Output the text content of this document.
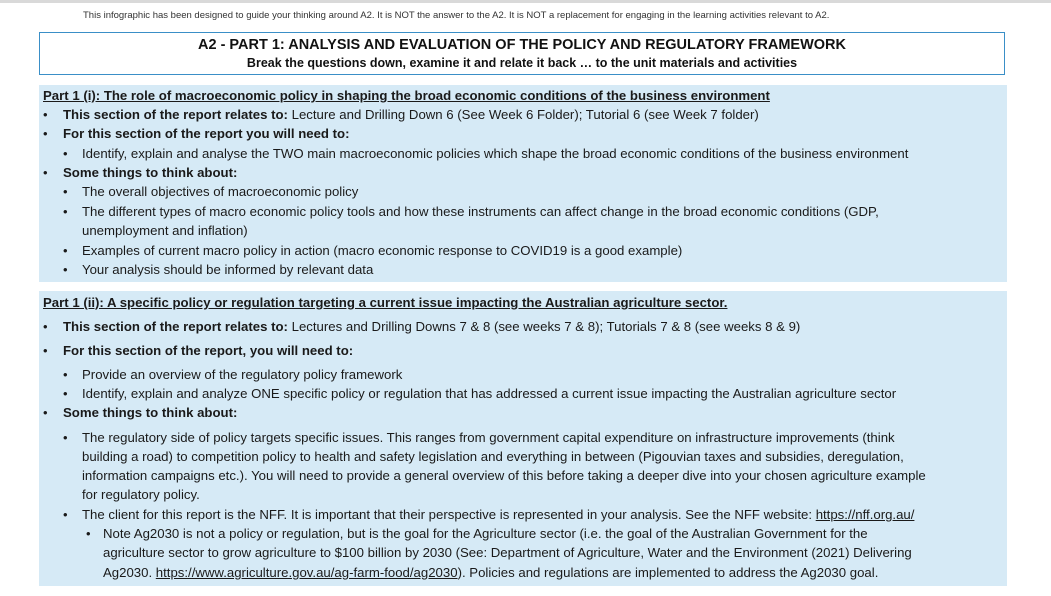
This infographic has been designed to guide your thinking around A2. It is NOT the answer to the A2. It is NOT a replacement for engaging in the learning activities relevant to A2.
A2 - PART 1: ANALYSIS AND EVALUATION OF THE POLICY AND REGULATORY FRAMEWORK
Break the questions down, examine it and relate it back … to the unit materials and activities
Part 1 (i): The role of macroeconomic policy in shaping the broad economic conditions of the business environment
• This section of the report relates to: Lecture and Drilling Down 6 (See Week 6 Folder); Tutorial 6 (see Week 7 folder)
• For this section of the report you will need to:
• Identify, explain and analyse the TWO main macroeconomic policies which shape the broad economic conditions of the business environment
• Some things to think about:
• The overall objectives of macroeconomic policy
• The different types of macro economic policy tools and how these instruments can affect change in the broad economic conditions (GDP,
unemployment and inflation)
• Examples of current macro policy in action (macro economic response to COVID19 is a good example)
• Your analysis should be informed by relevant data
Part 1 (ii): A specific policy or regulation targeting a current issue impacting the Australian agriculture sector.
• This section of the report relates to: Lectures and Drilling Downs 7 & 8 (see weeks 7 & 8); Tutorials 7 & 8 (see weeks 8 & 9)
• For this section of the report, you will need to:
• Provide an overview of the regulatory policy framework
• Identify, explain and analyze ONE specific policy or regulation that has addressed a current issue impacting the Australian agriculture sector
• Some things to think about:
• The regulatory side of policy targets specific issues. This ranges from government capital expenditure on infrastructure improvements (think
building a road) to competition policy to health and safety legislation and everything in between (Pigouvian taxes and subsidies, deregulation,
information campaigns etc.). You will need to provide a general overview of this before taking a deeper dive into your chosen agriculture example
for regulatory policy.
• The client for this report is the NFF. It is important that their perspective is represented in your analysis. See the NFF website: https://nff.org.au/
• Note Ag2030 is not a policy or regulation, but is the goal for the Agriculture sector (i.e. the goal of the Australian Government for the
agriculture sector to grow agriculture to $100 billion by 2030 (See: Department of Agriculture, Water and the Environment (2021) Delivering
Ag2030. https://www.agriculture.gov.au/ag-farm-food/ag2030). Policies and regulations are implemented to address the Ag2030 goal.
